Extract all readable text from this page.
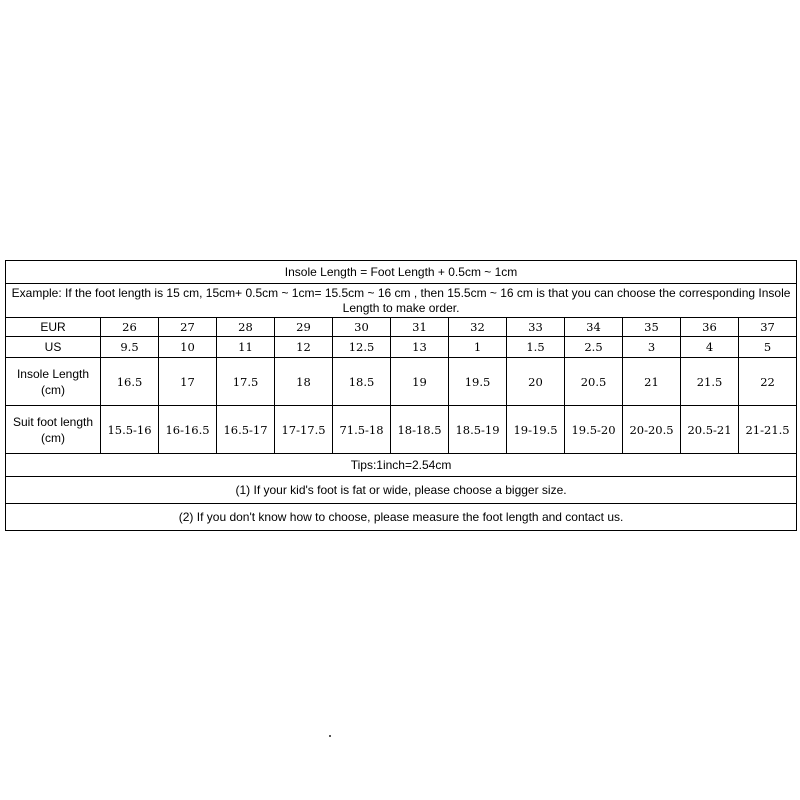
Insole Length = Foot Length + 0.5cm ~ 1cm												
Example: If the foot length is 15 cm, 15cm+ 0.5cm ~ 1cm= 15.5cm ~ 16 cm , then 15.5cm ~ 16 cm is that you can choose the corresponding Insole Length to make order.												
EUR	26	27	28	29	30	31	32	33	34	35	36	37
US	9.5	10	11	12	12.5	13	1	1.5	2.5	3	4	5
Insole Length
(cm)	16.5	17	17.5	18	18.5	19	19.5	20	20.5	21	21.5	22
Suit foot length
(cm)	15.5-16	16-16.5	16.5-17	17-17.5	71.5-18	18-18.5	18.5-19	19-19.5	19.5-20	20-20.5	20.5-21	21-21.5
Tips:1inch=2.54cm												
(1) If your kid's foot is fat or wide, please choose a bigger size.												
(2) If you don't know how to choose, please measure the foot length and contact us.												
